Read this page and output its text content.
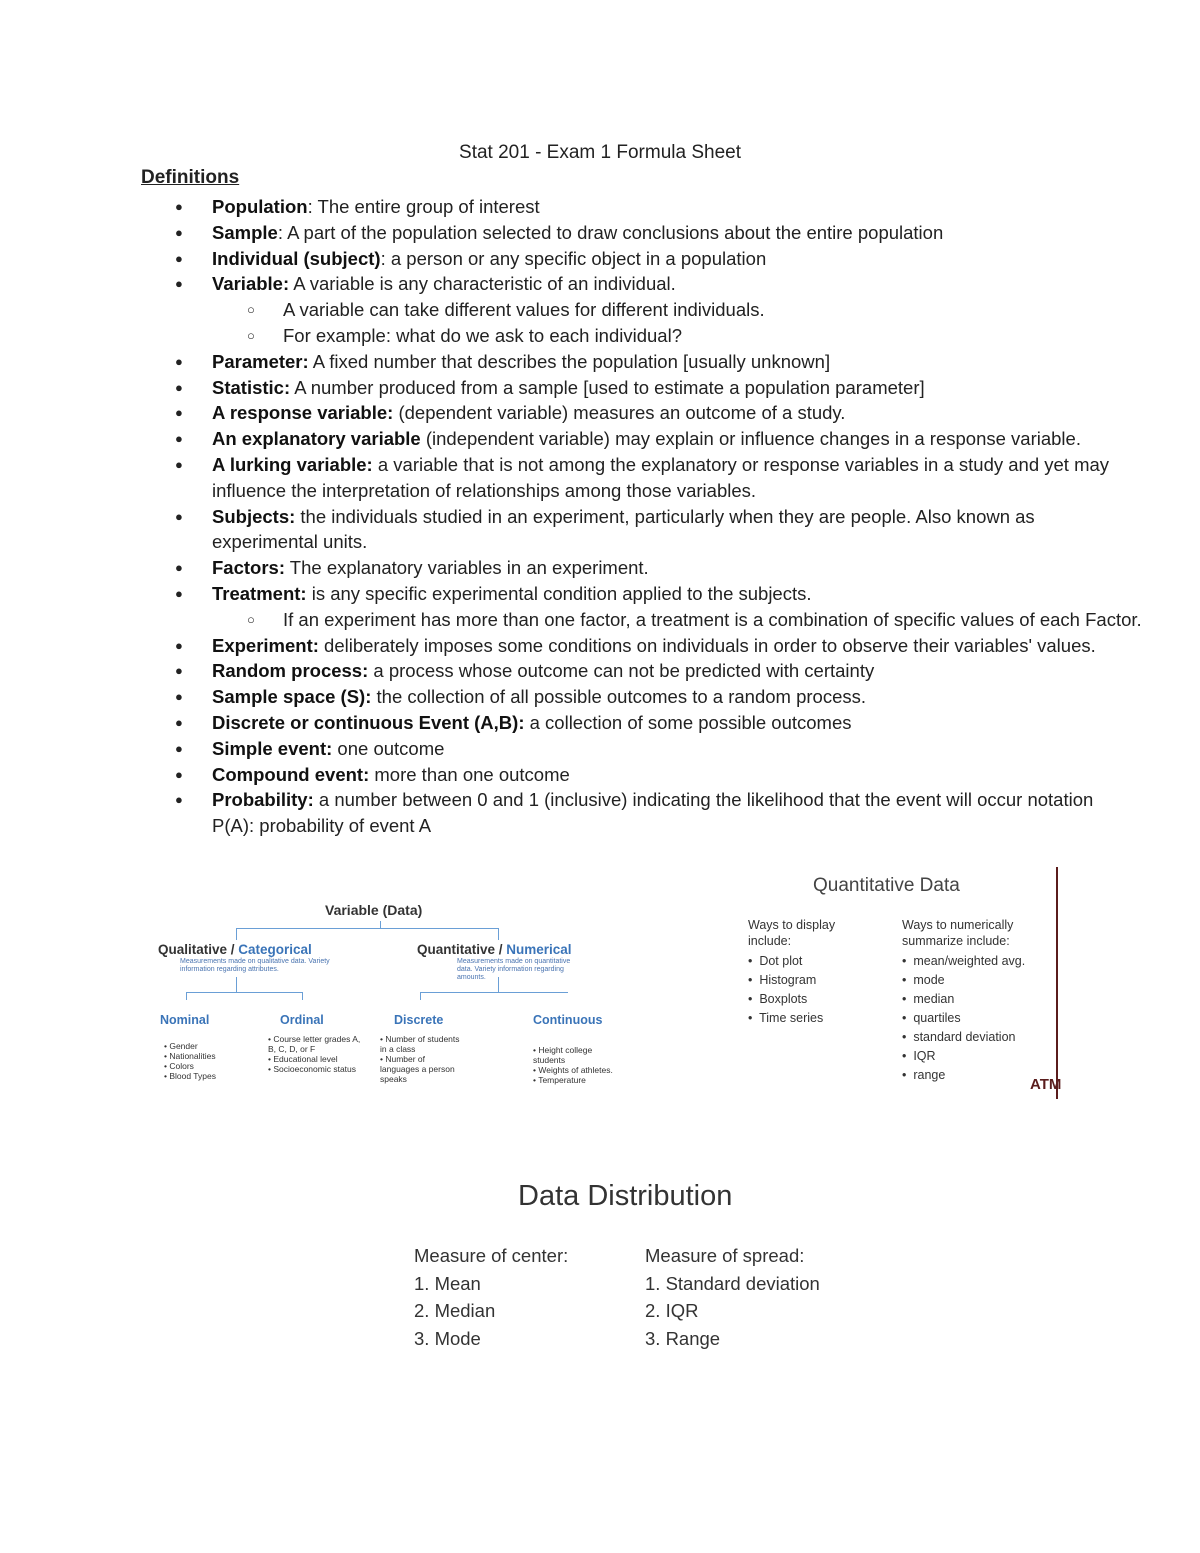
Stat 201 - Exam 1 Formula Sheet
Definitions
● Population: The entire group of interest
● Sample: A part of the population selected to draw conclusions about the entire population
● Individual (subject): a person or any specific object in a population
● Variable: A variable is any characteristic of an individual.
○ A variable can take different values for different individuals.
○ For example: what do we ask to each individual?
● Parameter: A fixed number that describes the population [usually unknown]
● Statistic: A number produced from a sample [used to estimate a population parameter]
● A response variable: (dependent variable) measures an outcome of a study.
● An explanatory variable (independent variable) may explain or influence changes in a response variable.
● A lurking variable: a variable that is not among the explanatory or response variables in a study and yet may influence the interpretation of relationships among those variables.
● Subjects: the individuals studied in an experiment, particularly when they are people. Also known as experimental units.
● Factors: The explanatory variables in an experiment.
● Treatment: is any specific experimental condition applied to the subjects.
○ If an experiment has more than one factor, a treatment is a combination of specific values of each Factor.
● Experiment: deliberately imposes some conditions on individuals in order to observe their variables' values.
● Random process: a process whose outcome can not be predicted with certainty
● Sample space (S): the collection of all possible outcomes to a random process.
● Discrete or continuous Event (A,B): a collection of some possible outcomes
● Simple event: one outcome
● Compound event: more than one outcome
● Probability: a number between 0 and 1 (inclusive) indicating the likelihood that the event will occur notation P(A): probability of event A
Variable (Data)
Qualitative / Categorical
Measurements made on qualitative data. Variety information regarding attributes.
Quantitative / Numerical
Measurements made on quantitative data. Variety information regarding amounts.
Nominal	Ordinal	Discrete	Continuous
• Gender
• Nationalities
• Colors
• Blood Types
• Course letter grades A, B, C, D, or F
• Educational level
• Socioeconomic status
• Number of students in a class
• Number of languages a person speaks
• Height college students
• Weights of athletes.
• Temperature
Quantitative Data
Ways to display include:
•  Dot plot
•  Histogram
•  Boxplots
•  Time series
Ways to numerically summarize include:
•  mean/weighted avg.
•  mode
•  median
•  quartiles
•  standard deviation
•  IQR
•  range
ATM
Data Distribution
Measure of center:
1. Mean
2. Median
3. Mode
Measure of spread:
1. Standard deviation
2. IQR
3. Range
